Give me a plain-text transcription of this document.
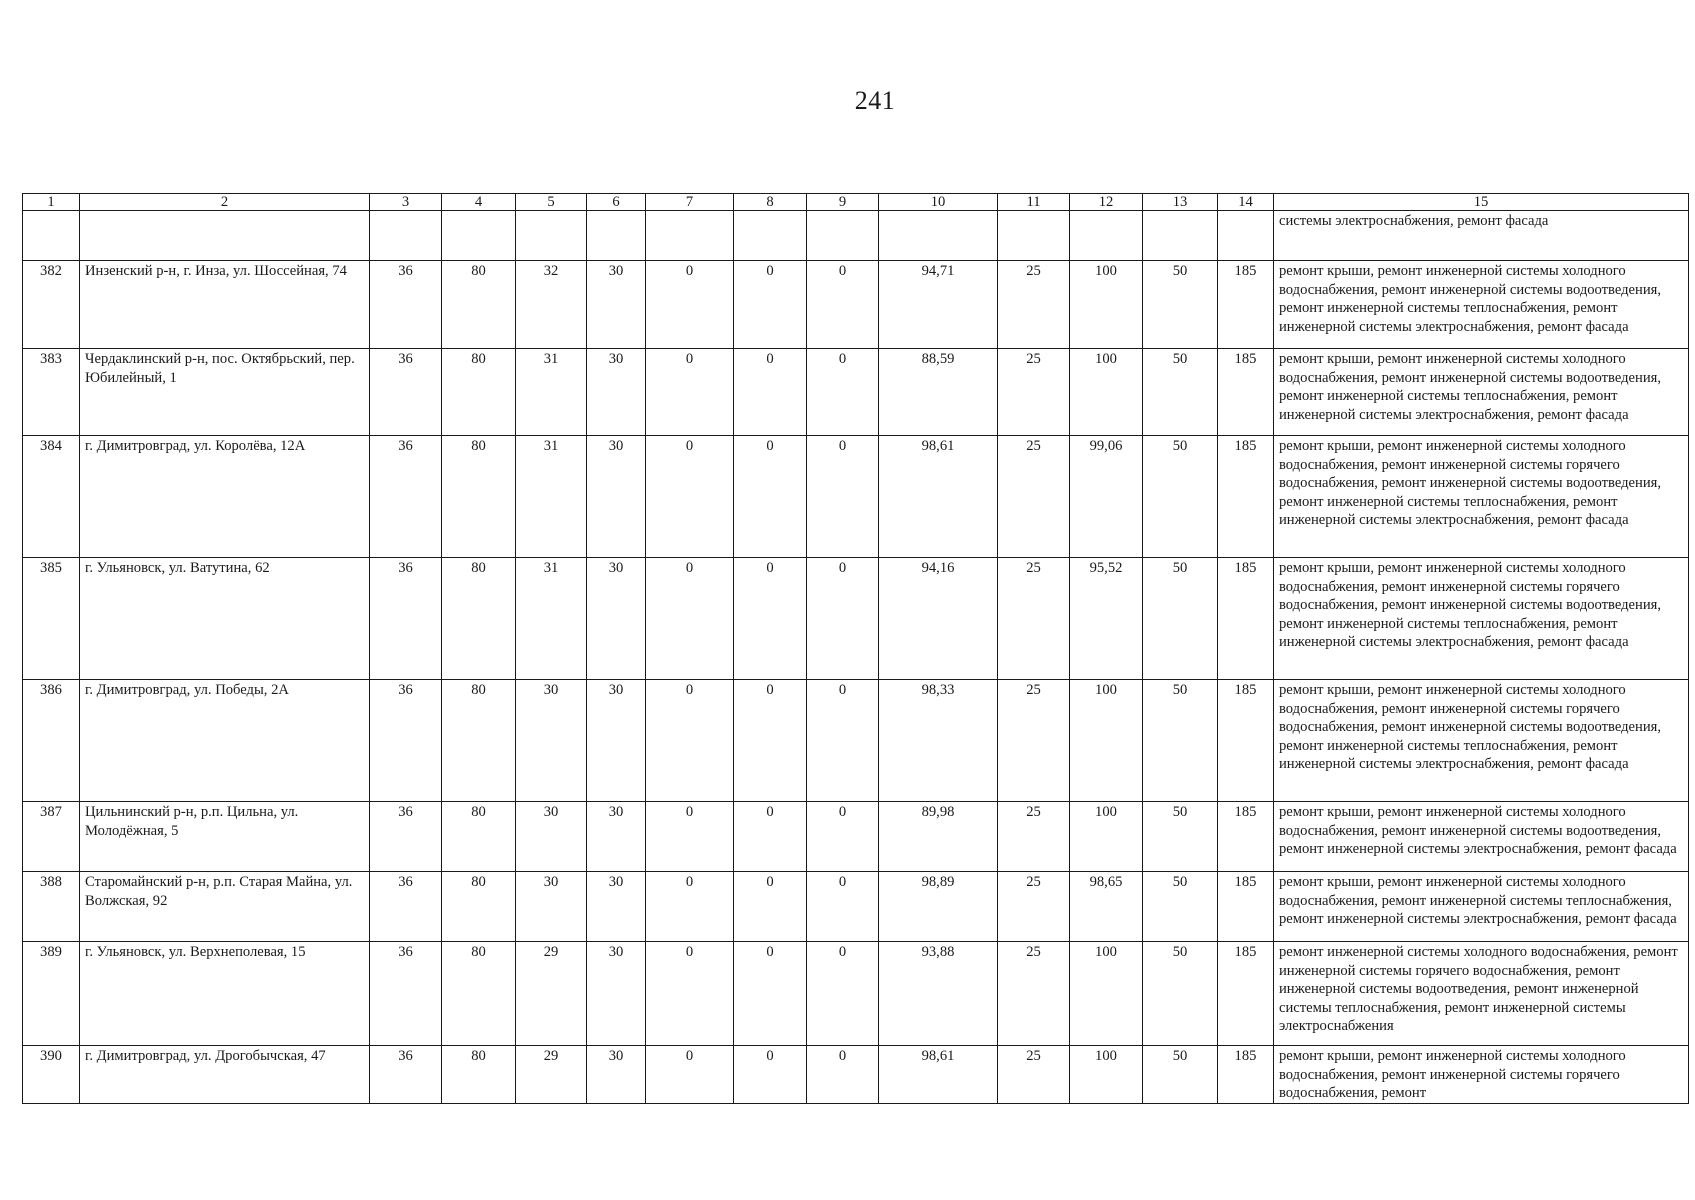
241
1	2	3	4	5	6	7	8	9	10	11	12	13	14	15
														системы электроснабжения, ремонт фасада
382	Инзенский р-н, г. Инза, ул. Шоссейная, 74	36	80	32	30	0	0	0	94,71	25	100	50	185	ремонт крыши, ремонт инженерной системы холодного водоснабжения, ремонт инженерной системы водоотведения, ремонт инженерной системы теплоснабжения, ремонт инженерной системы электроснабжения, ремонт фасада
383	Чердаклинский р-н, пос. Октябрьский, пер. Юбилейный, 1	36	80	31	30	0	0	0	88,59	25	100	50	185	ремонт крыши, ремонт инженерной системы холодного водоснабжения, ремонт инженерной системы водоотведения, ремонт инженерной системы теплоснабжения, ремонт инженерной системы электроснабжения, ремонт фасада
384	г. Димитровград, ул. Королёва, 12А	36	80	31	30	0	0	0	98,61	25	99,06	50	185	ремонт крыши, ремонт инженерной системы холодного водоснабжения, ремонт инженерной системы горячего водоснабжения, ремонт инженерной системы водоотведения, ремонт инженерной системы теплоснабжения, ремонт инженерной системы электроснабжения, ремонт фасада
385	г. Ульяновск, ул. Ватутина, 62	36	80	31	30	0	0	0	94,16	25	95,52	50	185	ремонт крыши, ремонт инженерной системы холодного водоснабжения, ремонт инженерной системы горячего водоснабжения, ремонт инженерной системы водоотведения, ремонт инженерной системы теплоснабжения, ремонт инженерной системы электроснабжения, ремонт фасада
386	г. Димитровград, ул. Победы, 2А	36	80	30	30	0	0	0	98,33	25	100	50	185	ремонт крыши, ремонт инженерной системы холодного водоснабжения, ремонт инженерной системы горячего водоснабжения, ремонт инженерной системы водоотведения, ремонт инженерной системы теплоснабжения, ремонт инженерной системы электроснабжения, ремонт фасада
387	Цильнинский р-н, р.п. Цильна, ул. Молодёжная, 5	36	80	30	30	0	0	0	89,98	25	100	50	185	ремонт крыши, ремонт инженерной системы холодного водоснабжения, ремонт инженерной системы водоотведения, ремонт инженерной системы электроснабжения, ремонт фасада
388	Старомайнский р-н, р.п. Старая Майна, ул. Волжская, 92	36	80	30	30	0	0	0	98,89	25	98,65	50	185	ремонт крыши, ремонт инженерной системы холодного водоснабжения, ремонт инженерной системы теплоснабжения, ремонт инженерной системы электроснабжения, ремонт фасада
389	г. Ульяновск, ул. Верхнеполевая, 15	36	80	29	30	0	0	0	93,88	25	100	50	185	ремонт инженерной системы холодного водоснабжения, ремонт инженерной системы горячего водоснабжения, ремонт инженерной системы водоотведения, ремонт инженерной системы теплоснабжения, ремонт инженерной системы электроснабжения
390	г. Димитровград, ул. Дрогобычская, 47	36	80	29	30	0	0	0	98,61	25	100	50	185	ремонт крыши, ремонт инженерной системы холодного водоснабжения, ремонт инженерной системы горячего водоснабжения, ремонт
